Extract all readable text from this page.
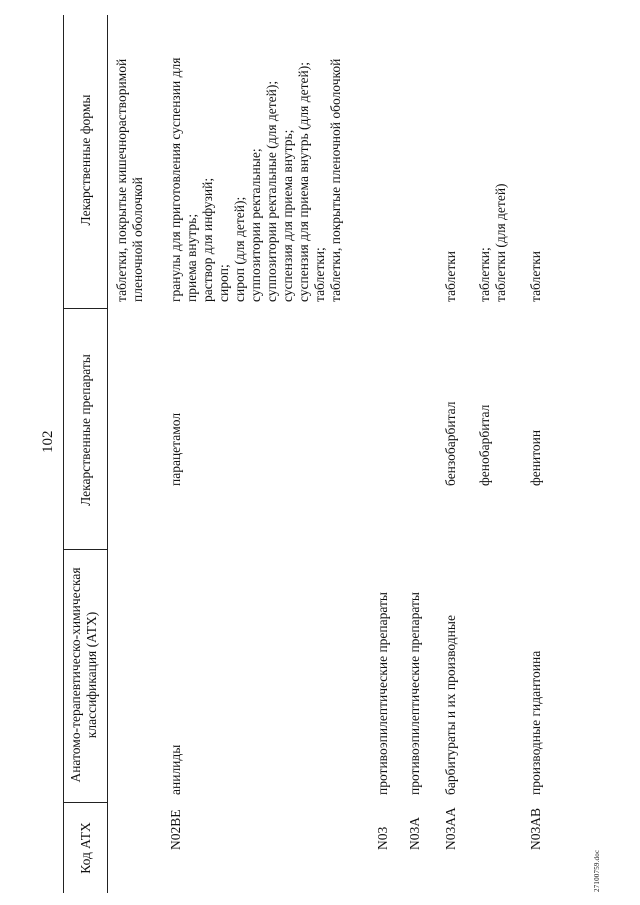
102
Код АТХ
Анатомо-терапевтическо-химическая классификация (АТХ)
Лекарственные препараты
Лекарственные формы таблетки, покрытые кишечнорастворимой пленочной оболочкой
N02BE
анилиды
парацетамол
гранулы для приготовления суспензии для приема внутрь; раствор для инфузий; сироп; сироп (для детей); суппозитории ректальные; суппозитории ректальные (для детей); суспензия для приема внутрь; суспензия для приема внутрь (для детей); таблетки; таблетки, покрытые пленочной оболочкой
N03
противоэпилептические препараты
N03A
противоэпилептические препараты
N03AA
барбитураты и их производные
бензобарбитал
таблетки
фенобарбитал
таблетки; таблетки (для детей)
N03AB
производные гидантоина
фенитоин
таблетки
27100759.doc
